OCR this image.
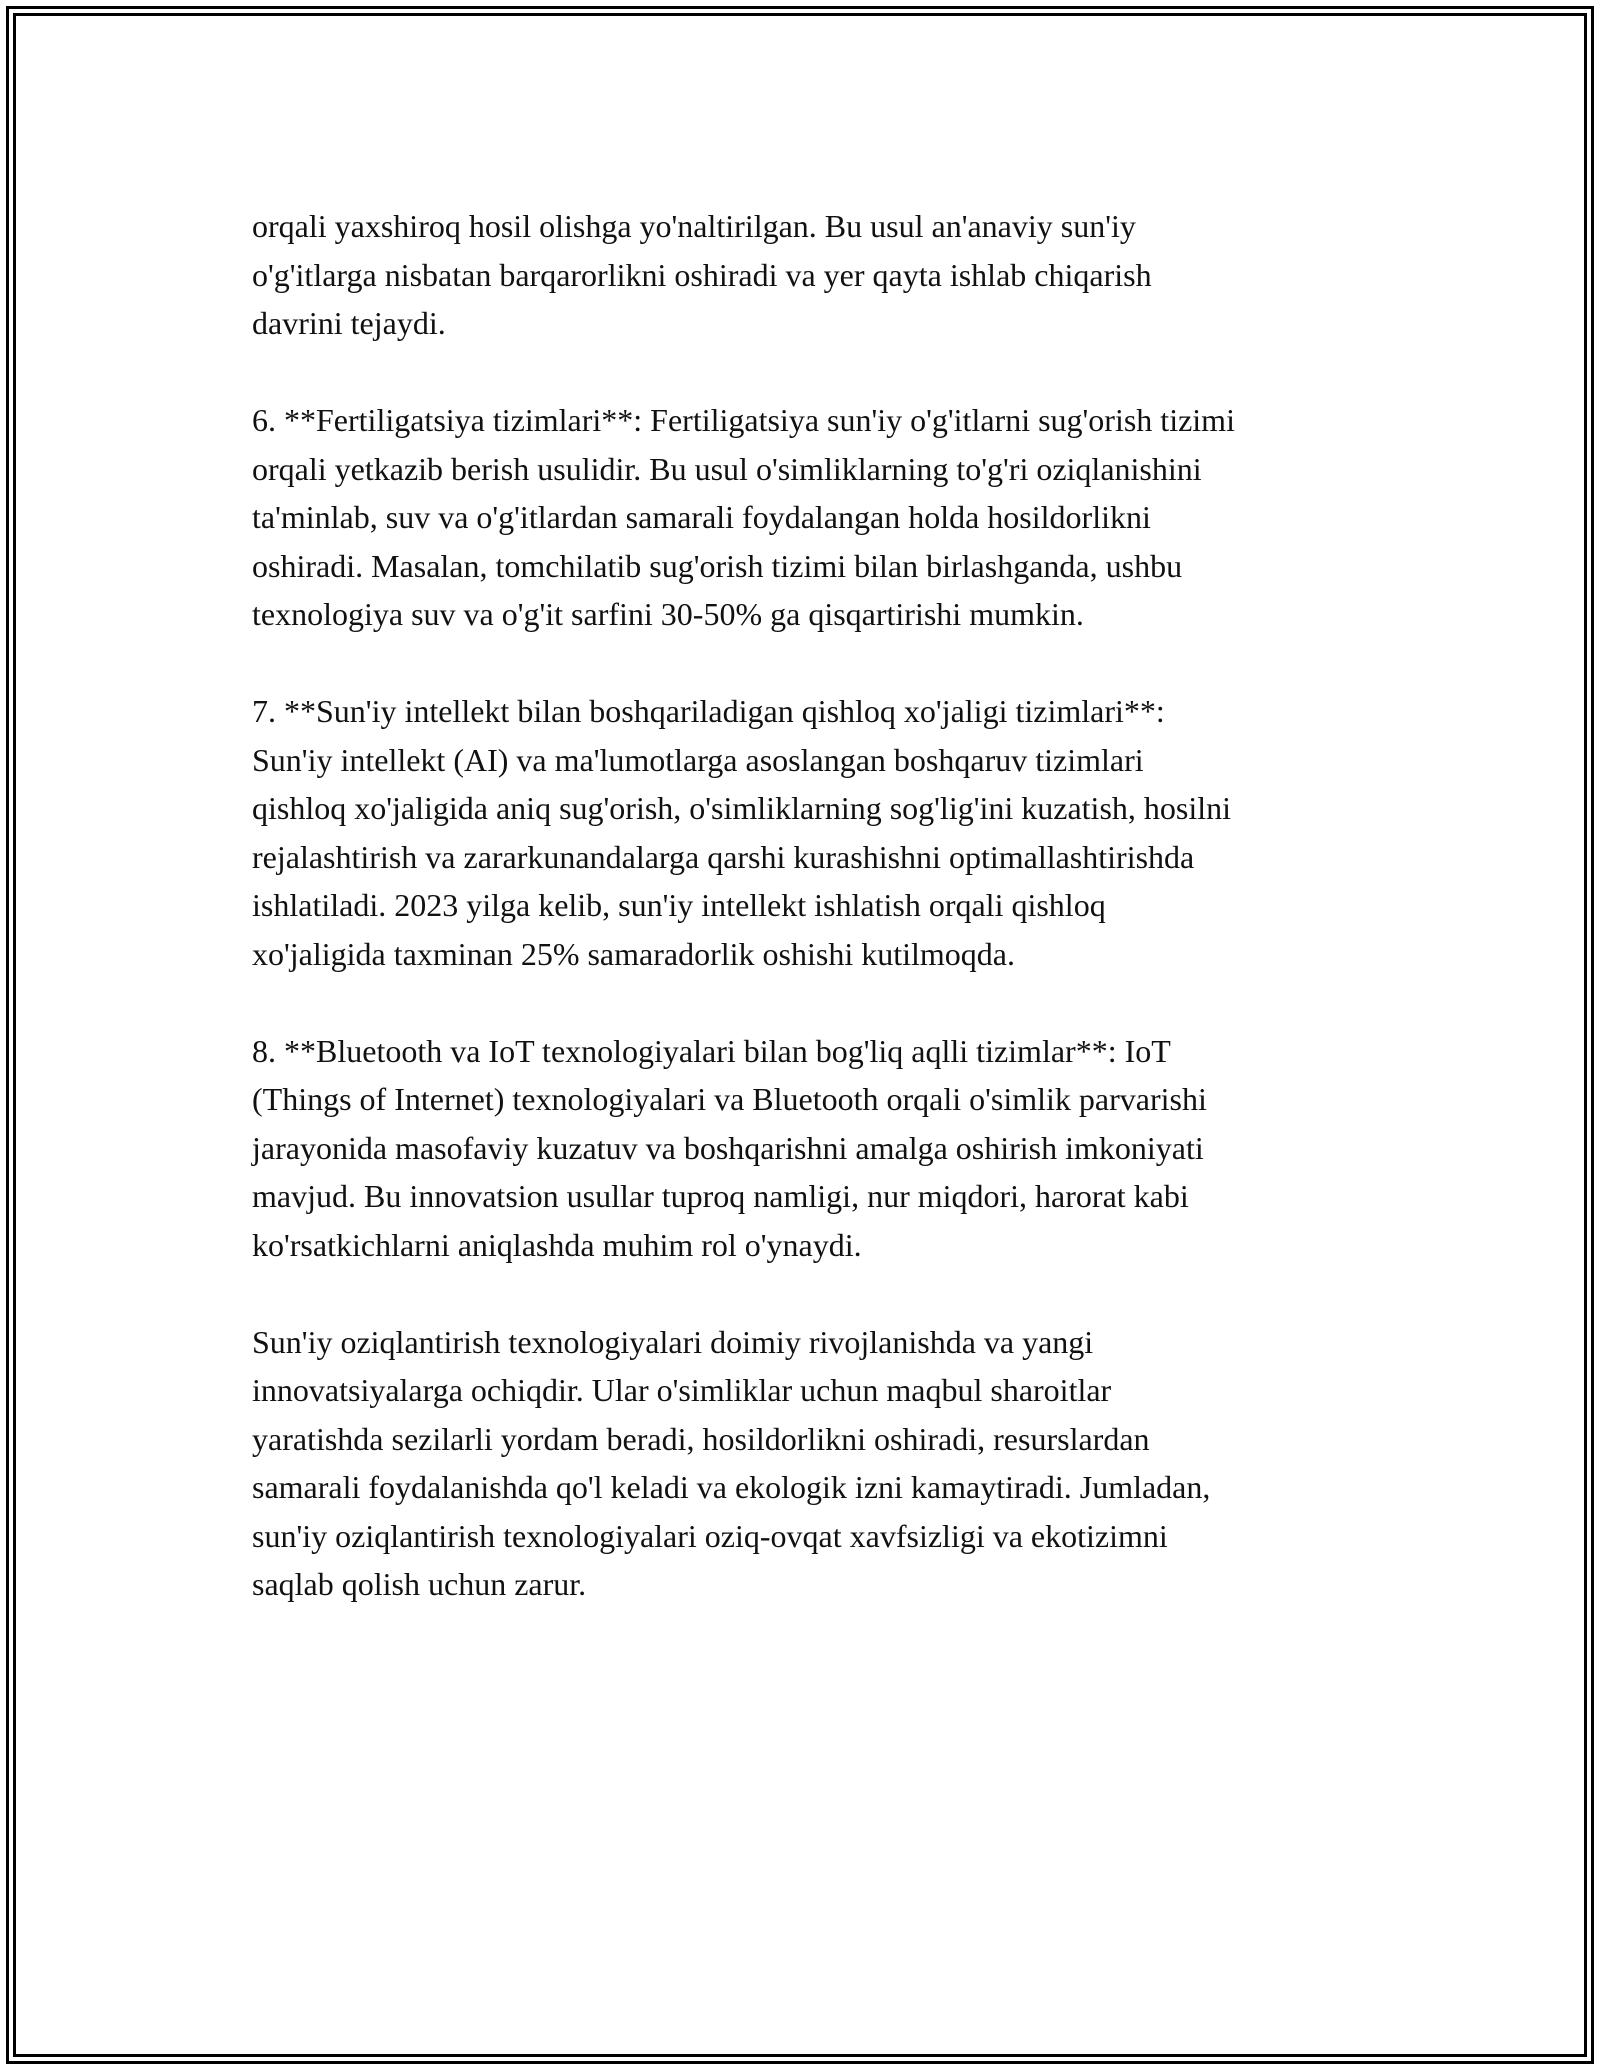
orqali yaxshiroq hosil olishga yo'naltirilgan. Bu usul an'anaviy sun'iy
o'g'itlarga nisbatan barqarorlikni oshiradi va yer qayta ishlab chiqarish
davrini tejaydi.

6. **Fertiligatsiya tizimlari**: Fertiligatsiya sun'iy o'g'itlarni sug'orish tizimi
orqali yetkazib berish usulidir. Bu usul o'simliklarning to'g'ri oziqlanishini
ta'minlab, suv va o'g'itlardan samarali foydalangan holda hosildorlikni
oshiradi. Masalan, tomchilatib sug'orish tizimi bilan birlashganda, ushbu
texnologiya suv va o'g'it sarfini 30-50% ga qisqartirishi mumkin.

7. **Sun'iy intellekt bilan boshqariladigan qishloq xo'jaligi tizimlari**:
Sun'iy intellekt (AI) va ma'lumotlarga asoslangan boshqaruv tizimlari
qishloq xo'jaligida aniq sug'orish, o'simliklarning sog'lig'ini kuzatish, hosilni
rejalashtirish va zararkunandalarga qarshi kurashishni optimallashtirishda
ishlatiladi. 2023 yilga kelib, sun'iy intellekt ishlatish orqali qishloq
xo'jaligida taxminan 25% samaradorlik oshishi kutilmoqda.

8. **Bluetooth va IoT texnologiyalari bilan bog'liq aqlli tizimlar**: IoT
(Things of Internet) texnologiyalari va Bluetooth orqali o'simlik parvarishi
jarayonida masofaviy kuzatuv va boshqarishni amalga oshirish imkoniyati
mavjud. Bu innovatsion usullar tuproq namligi, nur miqdori, harorat kabi
ko'rsatkichlarni aniqlashda muhim rol o'ynaydi.

Sun'iy oziqlantirish texnologiyalari doimiy rivojlanishda va yangi
innovatsiyalarga ochiqdir. Ular o'simliklar uchun maqbul sharoitlar
yaratishda sezilarli yordam beradi, hosildorlikni oshiradi, resurslardan
samarali foydalanishda qo'l keladi va ekologik izni kamaytiradi. Jumladan,
sun'iy oziqlantirish texnologiyalari oziq-ovqat xavfsizligi va ekotizimni
saqlab qolish uchun zarur.
